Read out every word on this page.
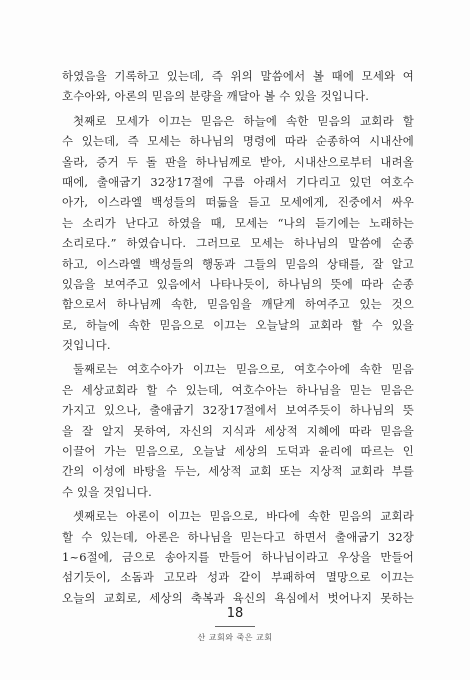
하였음을 기록하고 있는데, 즉 위의 말씀에서 볼 때에 모세와 여
호수아와, 아론의 믿음의 분량을 깨달아 볼 수 있을 것입니다.
첫째로 모세가 이끄는 믿음은 하늘에 속한 믿음의 교회라 할
수 있는데, 즉 모세는 하나님의 명령에 따라 순종하여 시내산에
올라, 증거 두 돌 판을 하나님께로 받아, 시내산으로부터 내려올
때에, 출애굽기 32장17절에 구름 아래서 기다리고 있던 여호수
아가, 이스라엘 백성들의 떠듦을 듣고 모세에게, 진중에서 싸우
는 소리가 난다고 하였을 때, 모세는 “나의 듣기에는 노래하는
소리로다.” 하였습니다. 그러므로 모세는 하나님의 말씀에 순종
하고, 이스라엘 백성들의 행동과 그들의 믿음의 상태를, 잘 알고
있음을 보여주고 있음에서 나타나듯이, 하나님의 뜻에 따라 순종
함으로서 하나님께 속한, 믿음임을 깨닫게 하여주고 있는 것으
로, 하늘에 속한 믿음으로 이끄는 오늘날의 교회라 할 수 있을
것입니다.
둘째로는 여호수아가 이끄는 믿음으로, 여호수아에 속한 믿음
은 세상교회라 할 수 있는데, 여호수아는 하나님을 믿는 믿음은
가지고 있으나, 출애굽기 32장17절에서 보여주듯이 하나님의 뜻
을 잘 알지 못하여, 자신의 지식과 세상적 지혜에 따라 믿음을
이끌어 가는 믿음으로, 오늘날 세상의 도덕과 윤리에 따르는 인
간의 이성에 바탕을 두는, 세상적 교회 또는 지상적 교회라 부를
수 있을 것입니다.
셋째로는 아론이 이끄는 믿음으로, 바다에 속한 믿음의 교회라
할 수 있는데, 아론은 하나님을 믿는다고 하면서 출애굽기 32장
1~6절에, 금으로 송아지를 만들어 하나님이라고 우상을 만들어
섬기듯이, 소돔과 고모라 성과 같이 부패하여 멸망으로 이끄는
오늘의 교회로, 세상의 축복과 육신의 욕심에서 벗어나지 못하는
18
산 교회와 죽은 교회
